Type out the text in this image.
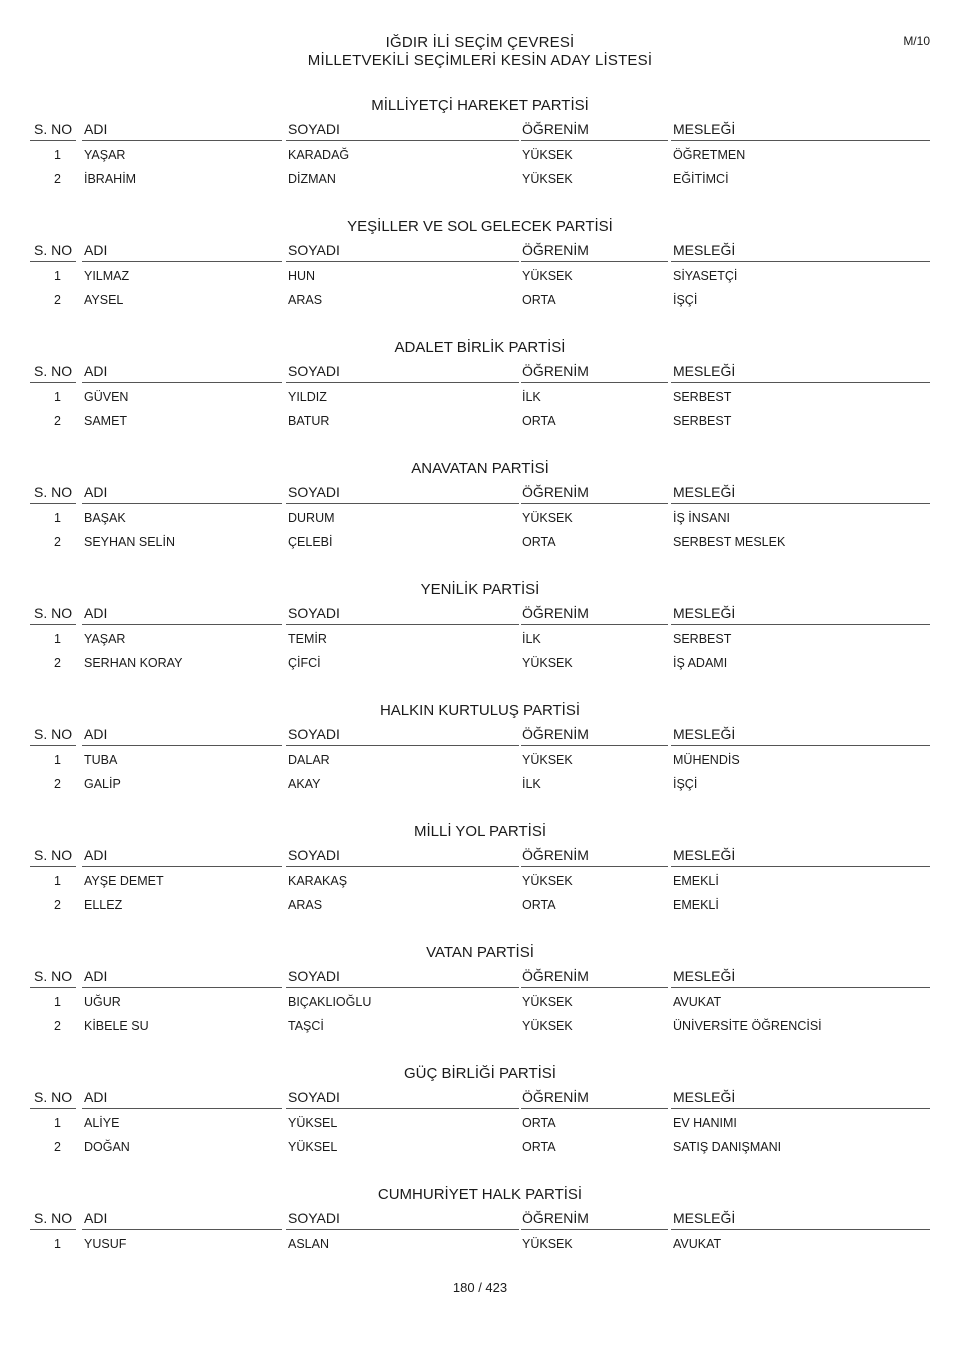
IĞDIR İLİ SEÇİM ÇEVRESİ
MİLLETVEKİLİ SEÇİMLERİ KESİN ADAY LİSTESİ
M/10
MİLLİYETÇİ HAREKET PARTİSİ
S. NO ADI	SOYADI	ÖĞRENİM	MESLEĞİ
1 YAŞAR	KARADAĞ	YÜKSEK	ÖĞRETMEN
2 İBRAHİM	DİZMAN	YÜKSEK	EĞİTİMCİ
YEŞİLLER VE SOL GELECEK PARTİSİ
S. NO ADI	SOYADI	ÖĞRENİM	MESLEĞİ
1 YILMAZ	HUN	YÜKSEK	SİYASETÇİ
2 AYSEL	ARAS	ORTA	İŞÇİ
ADALET BİRLİK PARTİSİ
S. NO ADI	SOYADI	ÖĞRENİM	MESLEĞİ
1 GÜVEN	YILDIZ	İLK	SERBEST
2 SAMET	BATUR	ORTA	SERBEST
ANAVATAN PARTİSİ
S. NO ADI	SOYADI	ÖĞRENİM	MESLEĞİ
1 BAŞAK	DURUM	YÜKSEK	İŞ İNSANI
2 SEYHAN SELİN	ÇELEBİ	ORTA	SERBEST MESLEK
YENİLİK PARTİSİ
S. NO ADI	SOYADI	ÖĞRENİM	MESLEĞİ
1 YAŞAR	TEMİR	İLK	SERBEST
2 SERHAN KORAY	ÇİFCİ	YÜKSEK	İŞ ADAMI
HALKIN KURTULUŞ PARTİSİ
S. NO ADI	SOYADI	ÖĞRENİM	MESLEĞİ
1 TUBA	DALAR	YÜKSEK	MÜHENDİS
2 GALİP	AKAY	İLK	İŞÇİ
MİLLİ YOL PARTİSİ
S. NO ADI	SOYADI	ÖĞRENİM	MESLEĞİ
1 AYŞE DEMET	KARAKAŞ	YÜKSEK	EMEKLİ
2 ELLEZ	ARAS	ORTA	EMEKLİ
VATAN PARTİSİ
S. NO ADI	SOYADI	ÖĞRENİM	MESLEĞİ
1 UĞUR	BIÇAKLIOĞLU	YÜKSEK	AVUKAT
2 KİBELE SU	TAŞCİ	YÜKSEK	ÜNİVERSİTE ÖĞRENCİSİ
GÜÇ BİRLİĞİ PARTİSİ
S. NO ADI	SOYADI	ÖĞRENİM	MESLEĞİ
1 ALİYE	YÜKSEL	ORTA	EV HANIMI
2 DOĞAN	YÜKSEL	ORTA	SATIŞ DANIŞMANI
CUMHURİYET HALK PARTİSİ
S. NO ADI	SOYADI	ÖĞRENİM	MESLEĞİ
1 YUSUF	ASLAN	YÜKSEK	AVUKAT
180 / 423
